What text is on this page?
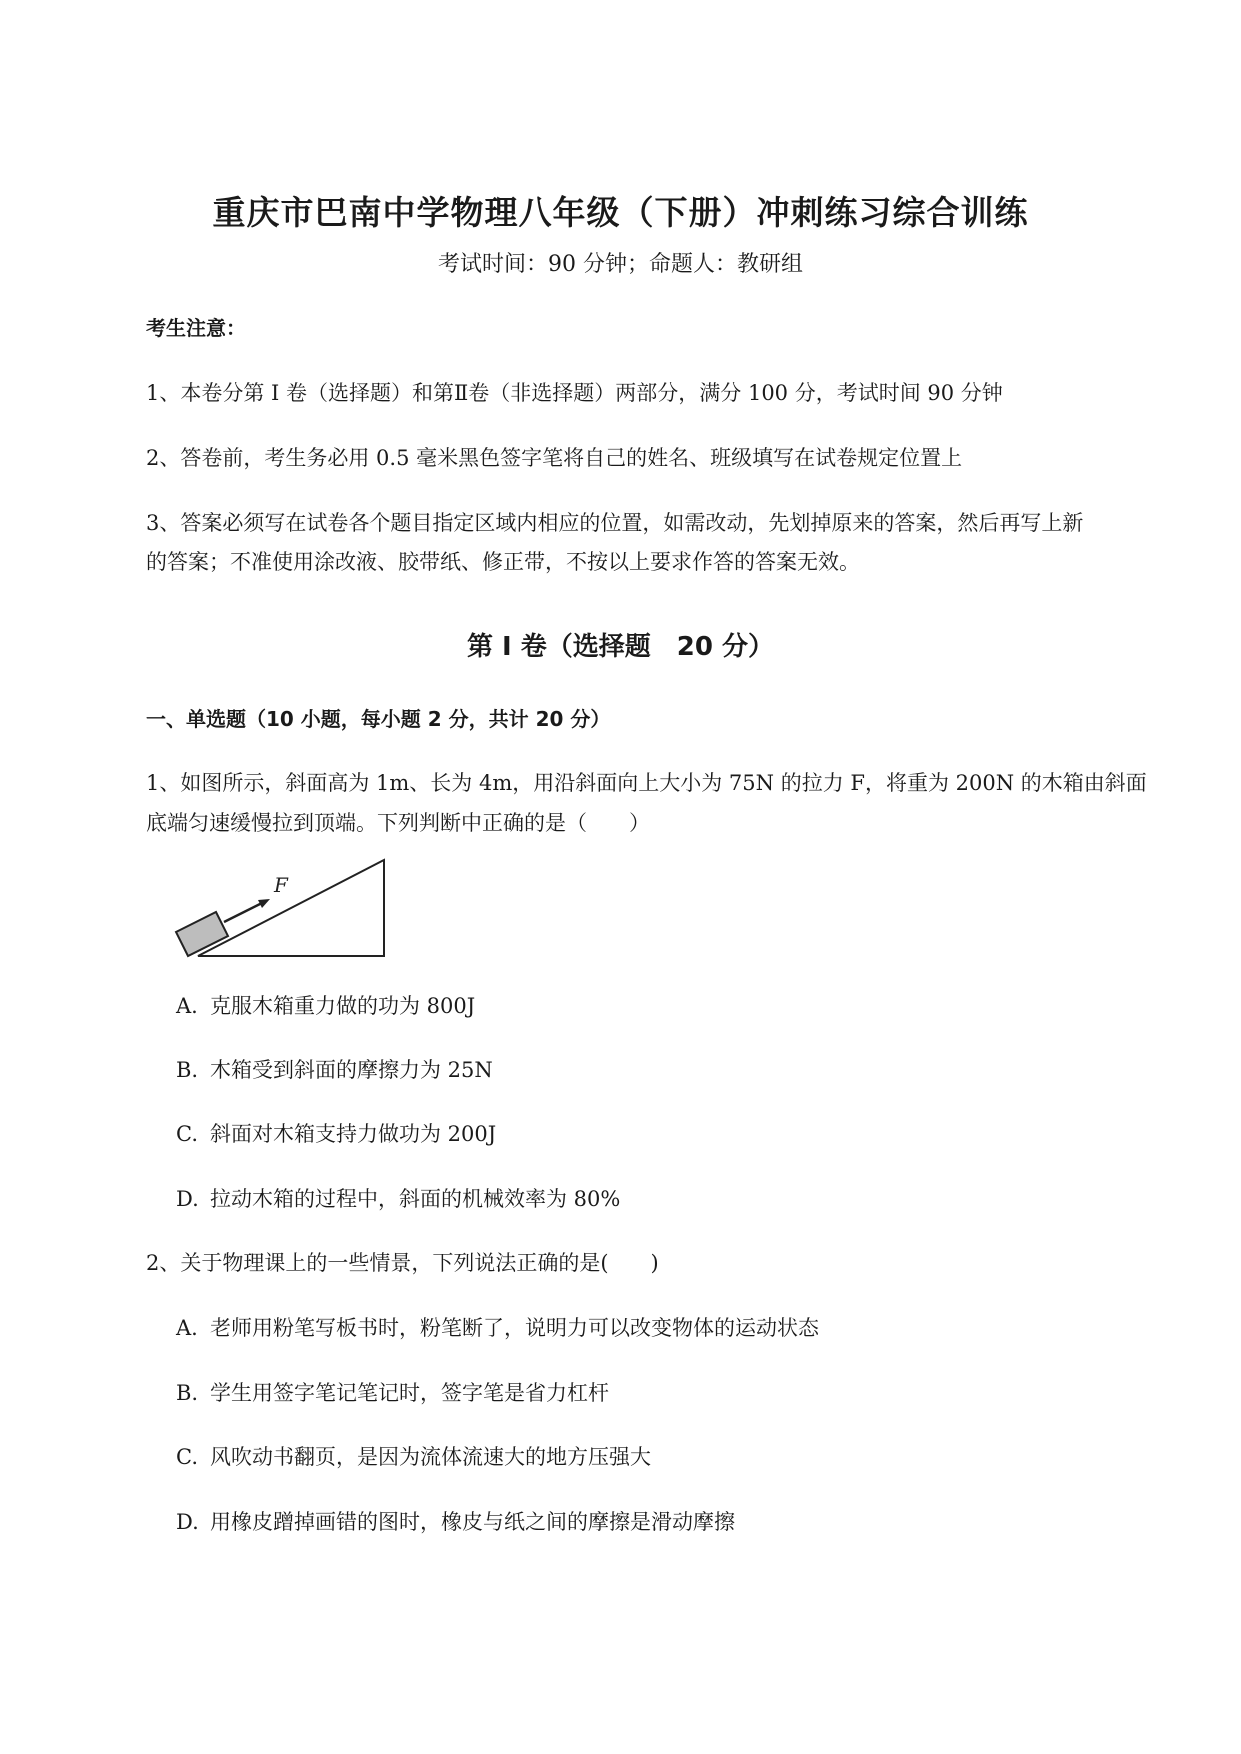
重庆市巴南中学物理八年级（下册）冲刺练习综合训练
考试时间：90 分钟；命题人：教研组
考生注意：
1、本卷分第 I 卷（选择题）和第Ⅱ卷（非选择题）两部分，满分 100 分，考试时间 90 分钟
2、答卷前，考生务必用 0.5 毫米黑色签字笔将自己的姓名、班级填写在试卷规定位置上
3、答案必须写在试卷各个题目指定区域内相应的位置，如需改动，先划掉原来的答案，然后再写上新
的答案；不准使用涂改液、胶带纸、修正带，不按以上要求作答的答案无效。
第 I 卷（选择题　20 分）
一、单选题（10 小题，每小题 2 分，共计 20 分）
1、如图所示，斜面高为 1m、长为 4m，用沿斜面向上大小为 75N 的拉力 F，将重为 200N 的木箱由斜面
底端匀速缓慢拉到顶端。下列判断中正确的是（　　）
F
A. 克服木箱重力做的功为 800J
B. 木箱受到斜面的摩擦力为 25N
C. 斜面对木箱支持力做功为 200J
D. 拉动木箱的过程中，斜面的机械效率为 80%
2、关于物理课上的一些情景，下列说法正确的是(　　)
A. 老师用粉笔写板书时，粉笔断了，说明力可以改变物体的运动状态
B. 学生用签字笔记笔记时，签字笔是省力杠杆
C. 风吹动书翻页，是因为流体流速大的地方压强大
D. 用橡皮蹭掉画错的图时，橡皮与纸之间的摩擦是滑动摩擦
